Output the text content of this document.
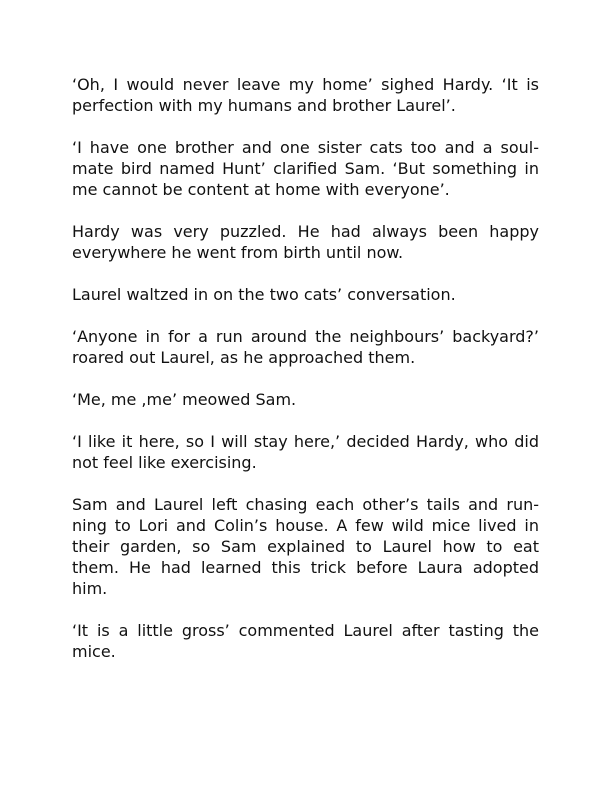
‘Oh, I would never leave my home’ sighed Hardy. ‘It is
perfection with my humans and brother Laurel’.

‘I have one brother and one sister cats too and a soul-
mate bird named Hunt’ clarified Sam. ‘But something in
me cannot be content at home with everyone’.

Hardy was very puzzled. He had always been happy
everywhere he went from birth until now.

Laurel waltzed in on the two cats’ conversation.

‘Anyone in for a run around the neighbours’ backyard?’
roared out Laurel, as he approached them.

‘Me, me ,me’ meowed Sam.

‘I like it here, so I will stay here,’ decided Hardy, who did
not feel like exercising.

Sam and Laurel left chasing each other’s tails and run-
ning to Lori and Colin’s house. A few wild mice lived in
their garden, so Sam explained to Laurel how to eat
them. He had learned this trick before Laura adopted
him.

‘It is a little gross’ commented Laurel after tasting the
mice.
